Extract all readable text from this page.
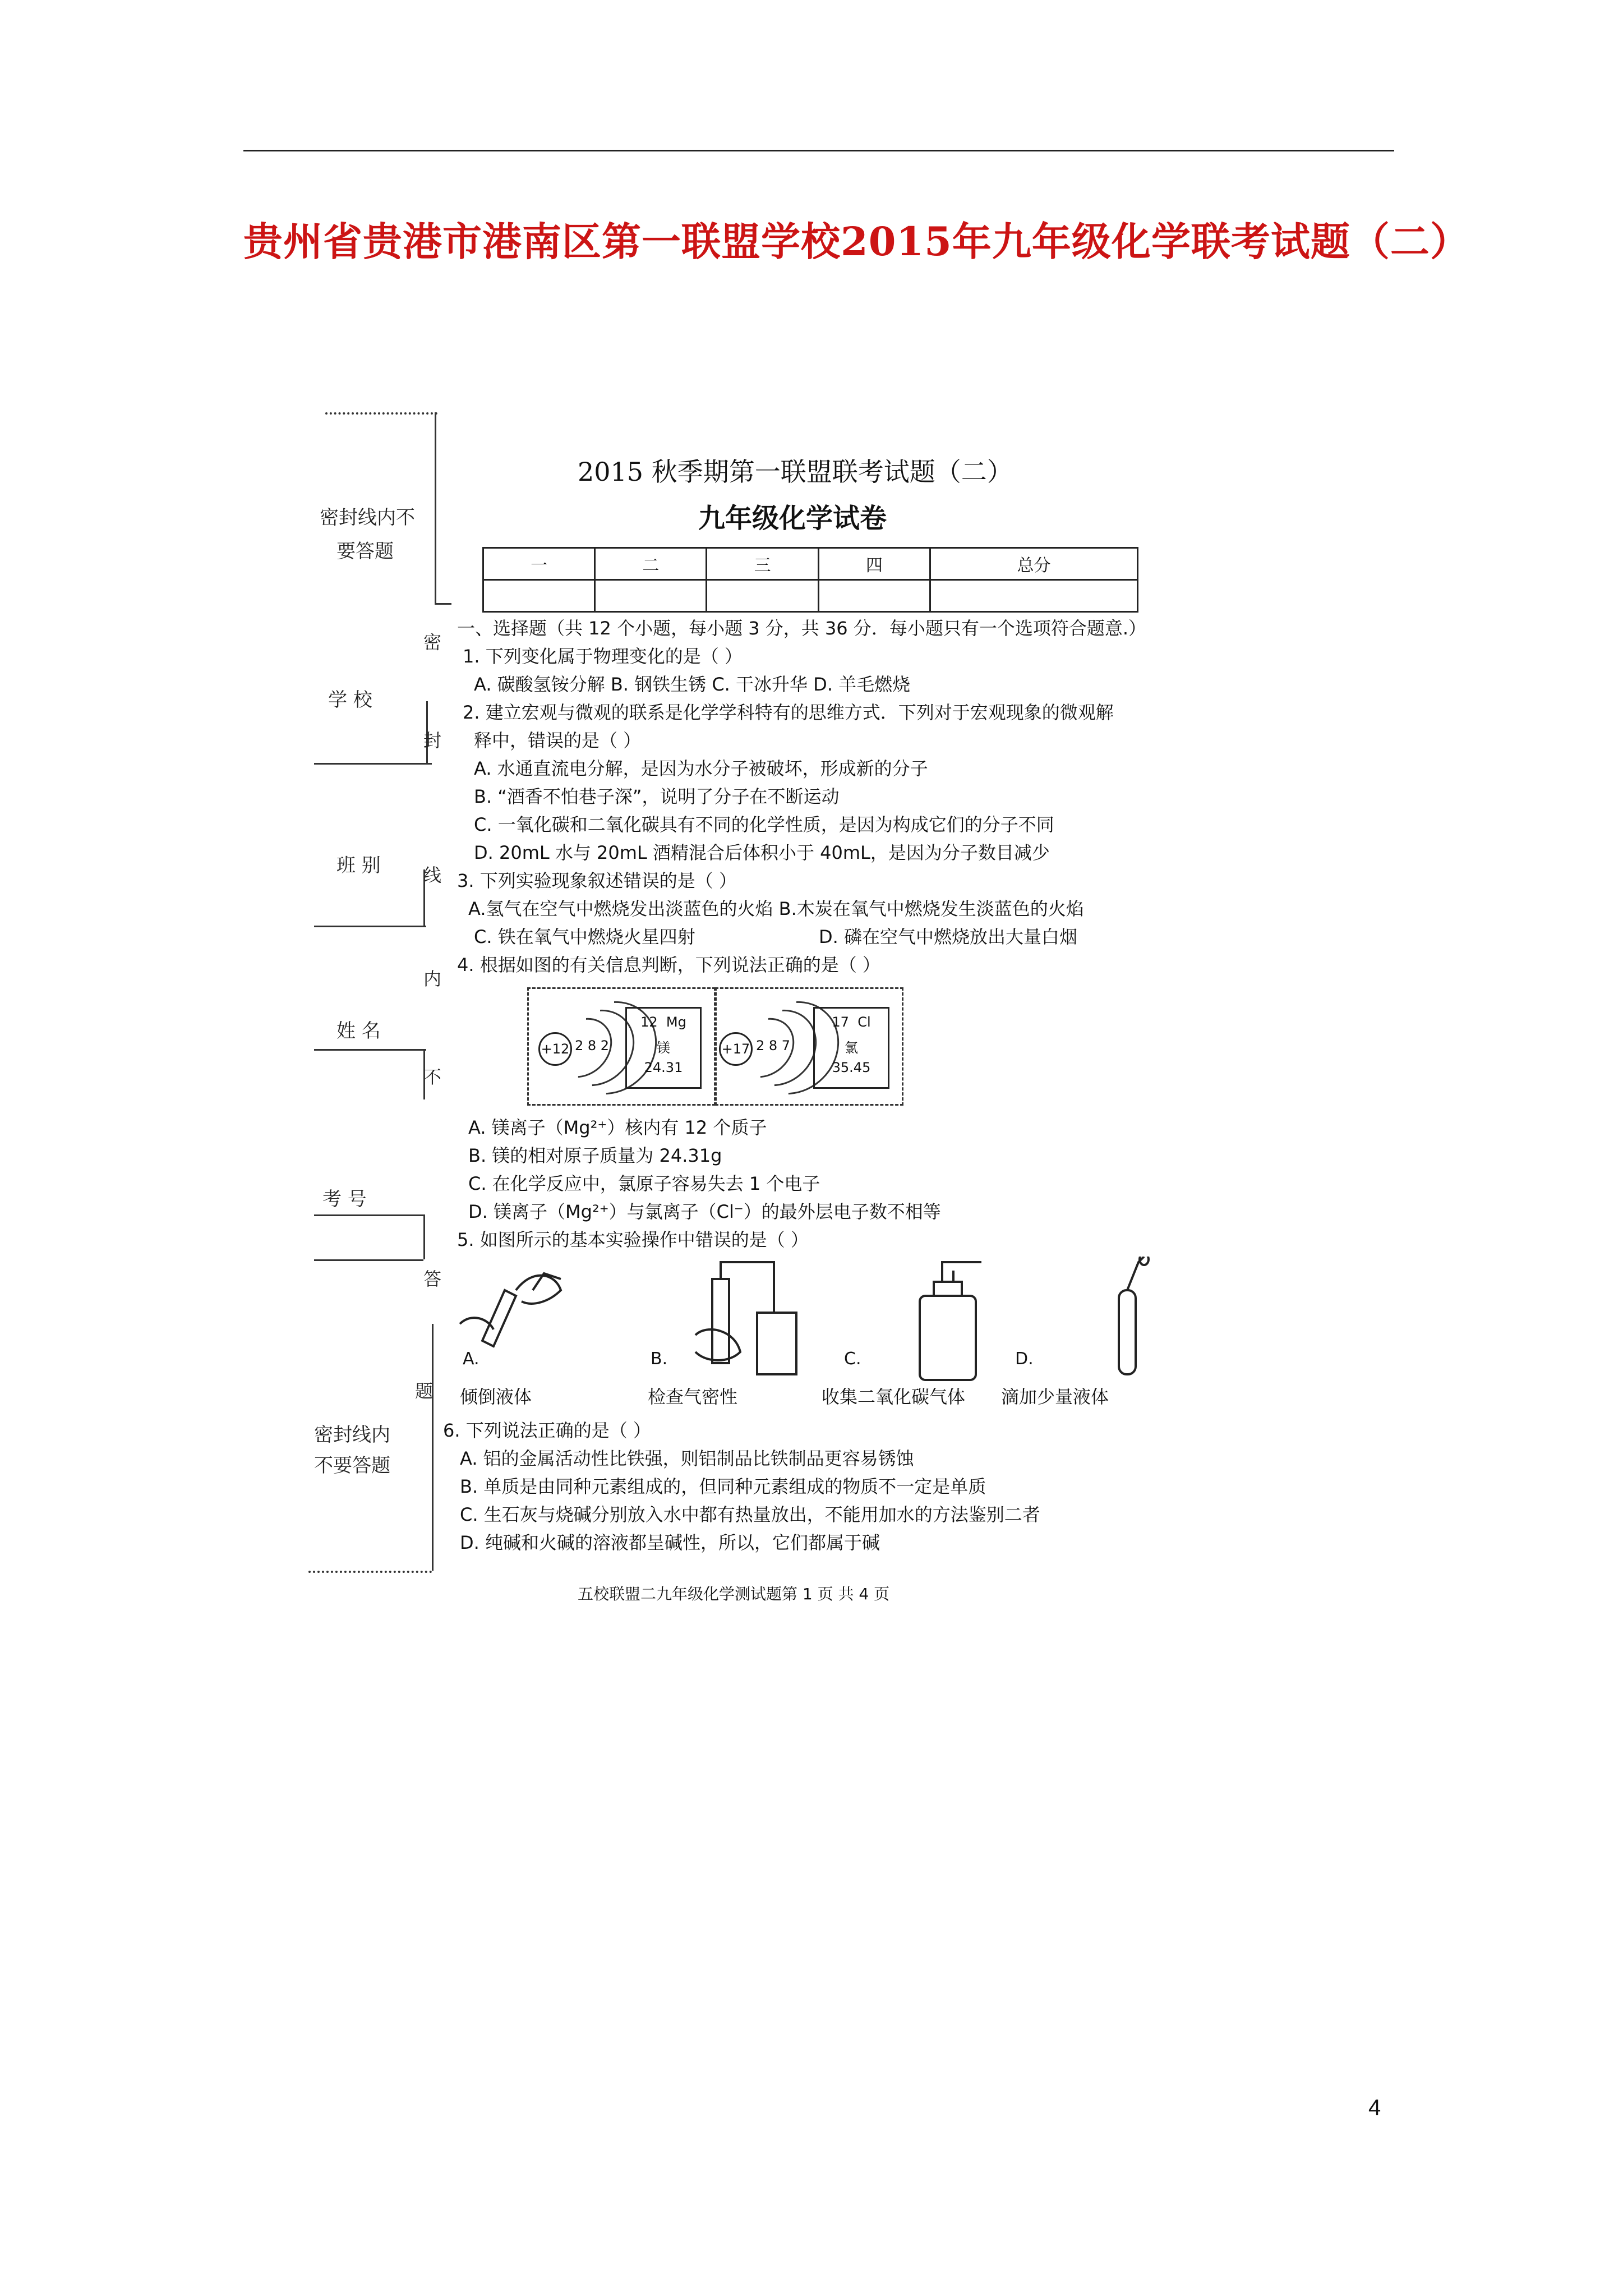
贵州省贵港市港南区第一联盟学校2015年九年级化学联考试题（二）
密封线内不
要答题
学 校
班 别
姓 名
考 号
密封线内
不要答题
密
封
线
内
不
答
题
2015 秋季期第一联盟联考试题（二）
九年级化学试卷
一	二	三	四	总分

一、选择题（共 12 个小题，每小题 3 分，共 36 分．每小题只有一个选项符合题意.）
1. 下列变化属于物理变化的是（ ）
A. 碳酸氢铵分解 B. 钢铁生锈 C. 干冰升华 D. 羊毛燃烧
2. 建立宏观与微观的联系是化学学科特有的思维方式．下列对于宏观现象的微观解
释中，错误的是（ ）
A. 水通直流电分解，是因为水分子被破坏，形成新的分子
B. “酒香不怕巷子深”，说明了分子在不断运动
C. 一氧化碳和二氧化碳具有不同的化学性质，是因为构成它们的分子不同
D. 20mL 水与 20mL 酒精混合后体积小于 40mL，是因为分子数目减少
3. 下列实验现象叙述错误的是（ ）
A.氢气在空气中燃烧发出淡蓝色的火焰 B.木炭在氧气中燃烧发生淡蓝色的火焰
C. 铁在氧气中燃烧火星四射	D. 磷在空气中燃烧放出大量白烟
4. 根据如图的有关信息判断，下列说法正确的是（ ）
+12 2 8 2
12 Mg
镁
24.31
+17 2 8 7
17 Cl
氯
35.45
A. 镁离子（Mg²⁺）核内有 12 个质子
B. 镁的相对原子质量为 24.31g
C. 在化学反应中，氯原子容易失去 1 个电子
D. 镁离子（Mg²⁺）与氯离子（Cl⁻）的最外层电子数不相等
5. 如图所示的基本实验操作中错误的是（ ）
A.	B.	C.	D.
倾倒液体	检查气密性	收集二氧化碳气体 滴加少量液体
6. 下列说法正确的是（ ）
A. 铝的金属活动性比铁强，则铝制品比铁制品更容易锈蚀
B. 单质是由同种元素组成的，但同种元素组成的物质不一定是单质
C. 生石灰与烧碱分别放入水中都有热量放出，不能用加水的方法鉴别二者
D. 纯碱和火碱的溶液都呈碱性，所以，它们都属于碱
五校联盟二九年级化学测试题第 1 页 共 4 页
4
